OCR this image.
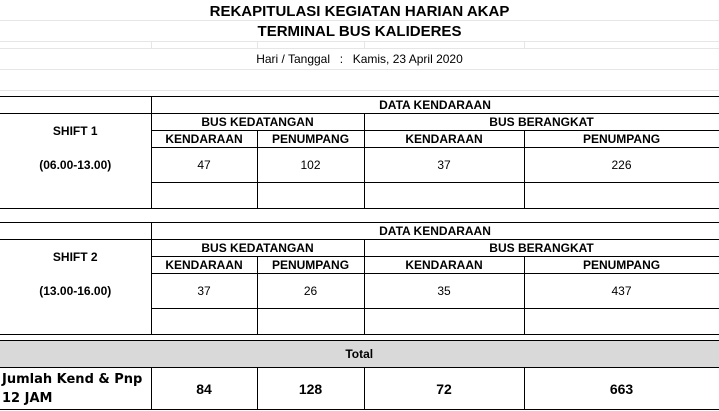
REKAPITULASI KEGIATAN HARIAN AKAP
TERMINAL BUS KALIDERES
Hari / Tanggal : Kamis, 23 April 2020
	DATA KENDARAAN			
SHIFT 1	BUS KEDATANGAN		BUS BERANGKAT	
	KENDARAAN	PENUMPANG	KENDARAAN	PENUMPANG
(06.00-13.00)	47	102	37	226

	DATA KENDARAAN			
SHIFT 2	BUS KEDATANGAN		BUS BERANGKAT	
	KENDARAAN	PENUMPANG	KENDARAAN	PENUMPANG
(13.00-16.00)	37	26	35	437

Total
Jumlah Kend & Pnp 12 JAM	84	128	72	663
